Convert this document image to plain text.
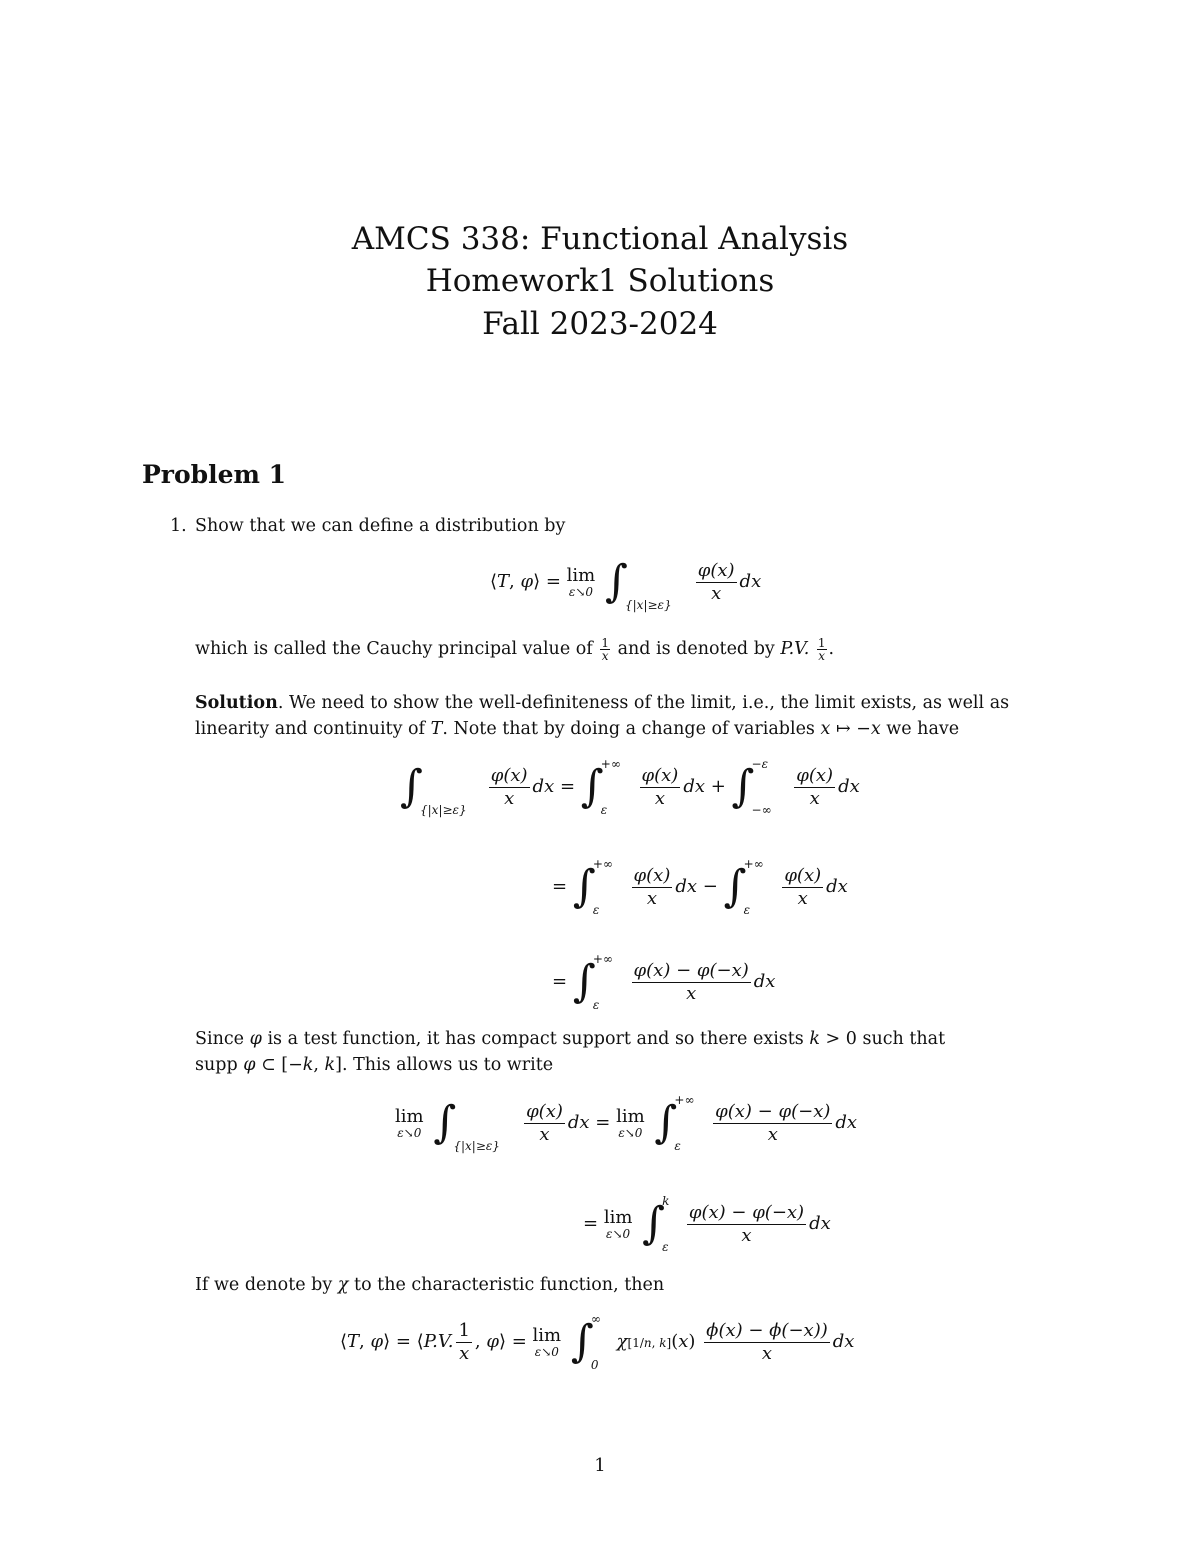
AMCS 338: Functional Analysis
Homework1 Solutions
Fall 2023-2024
Problem 1
1. Show that we can define a distribution by
⟨T, φ⟩ = lim
ε↘0 ∫
{|x|≥ε}

$\frac{\varphi(x)}{x}$ dx
which is called the Cauchy principal value of $\frac{1}{x}$ and is denoted by P.V. $\frac{1}{x}$ .
Solution. We need to show the well-definiteness of the limit, i.e., the limit exists, as well as
linearity and continuity of T. Note that by doing a change of variables x ↦ −x we have
∫
{|x|≥ε}

$\frac{\varphi(x)}{x}$ dx = ∫
+∞
ε

$\frac{\varphi(x)}{x}$ dx + ∫
−ε
−∞

$\frac{\varphi(x)}{x}$ dx
= ∫
+∞
ε

$\frac{\varphi(x)}{x}$ dx − ∫
+∞
ε

$\frac{\varphi(x)}{x}$ dx
= ∫
+∞
ε

$\frac{\varphi(x) - \varphi(-x)}{x}$ dx
Since φ is a test function, it has compact support and so there exists k > 0 such that
supp φ ⊂ [−k, k]. This allows us to write
lim
ε↘0 ∫
{|x|≥ε}

$\frac{\varphi(x)}{x}$ dx = lim
ε↘0 ∫
+∞
ε

$\frac{\varphi(x) - \varphi(-x)}{x}$ dx
= lim
ε↘0 ∫
k
ε

$\frac{\varphi(x) - \varphi(-x)}{x}$ dx
If we denote by χ to the characteristic function, then
⟨T, φ⟩ = ⟨P.V. $\frac{1}{x}$ , φ⟩ = lim
ε↘0 ∫
∞
0
χ[1/n, $k](x) \frac{\phi(x) - \phi(-x))}{x}$ dx
1
